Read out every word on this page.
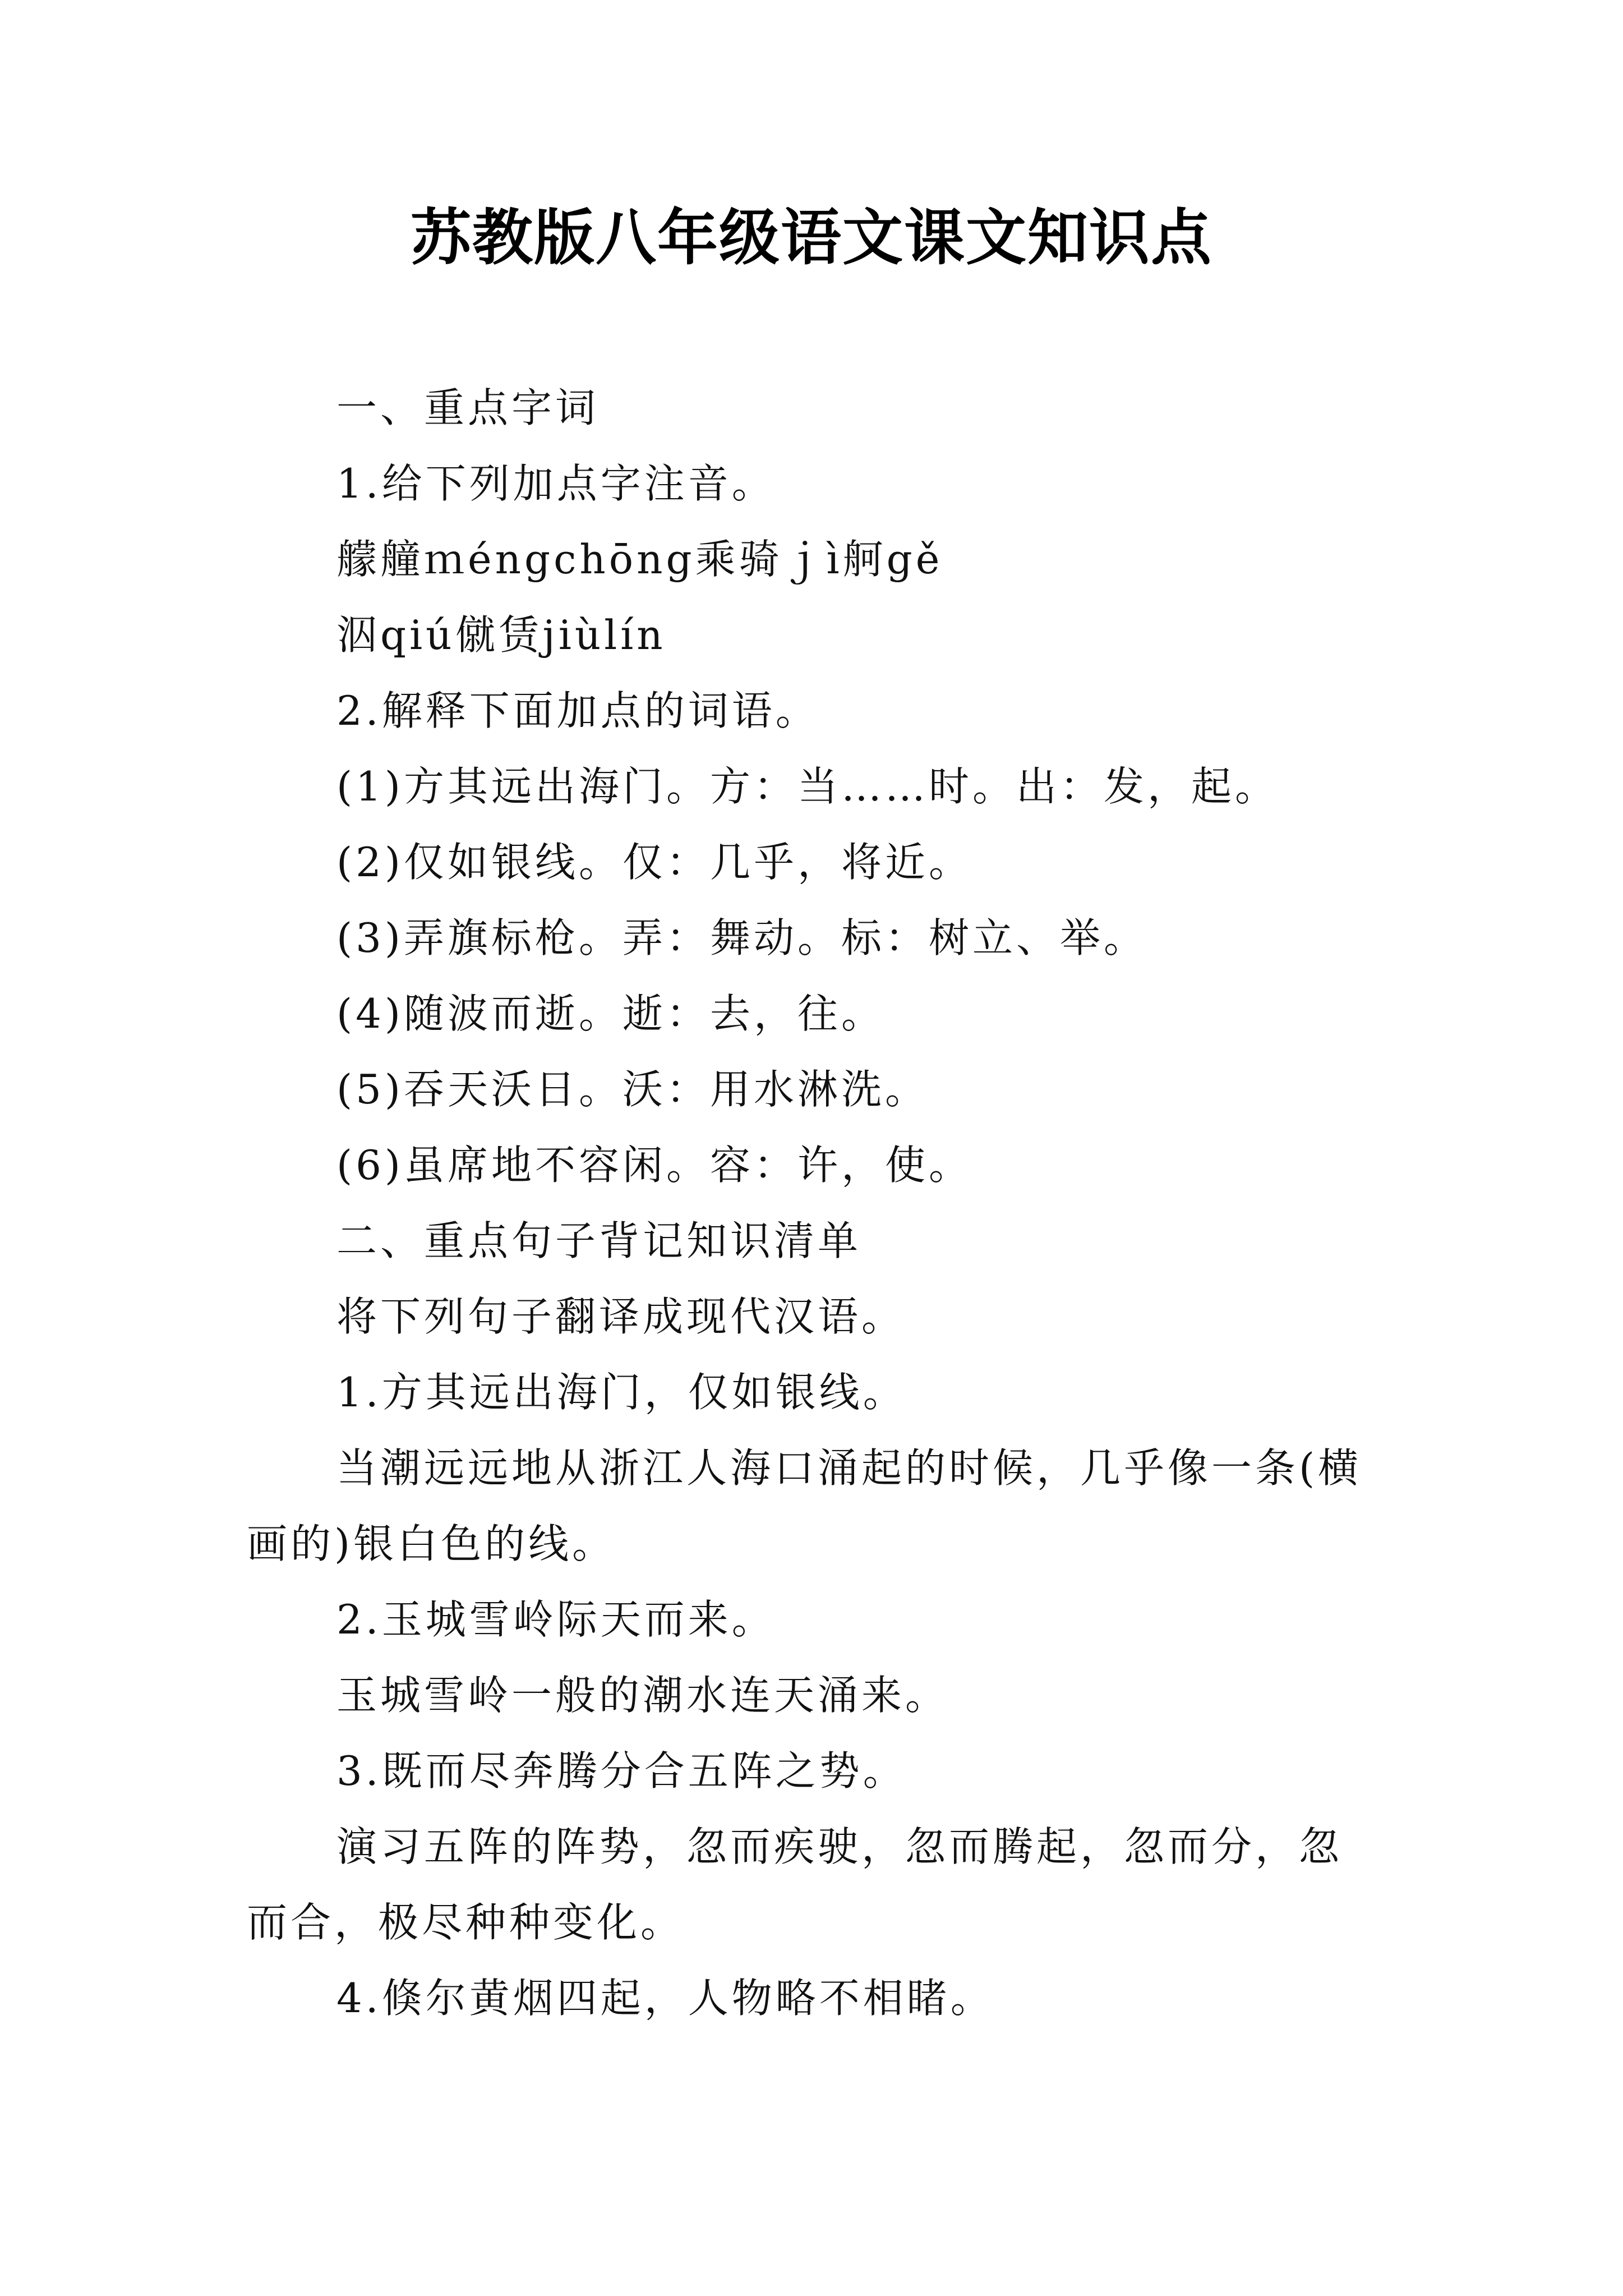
苏教版八年级语文课文知识点

一、重点字词

1.给下列加点字注音。

艨艟ｍéngchōng乘骑ｊì舸gě

泅qiú僦赁jiùlín

2.解释下面加点的词语。

(1)方其远出海门。方：当……时。出：发，起。

(2)仅如银线。仅：几乎，将近。

(3)弄旗标枪。弄：舞动。标：树立、举。

(4)随波而逝。逝：去，往。

(5)吞天沃日。沃：用水淋洗。

(6)虽席地不容闲。容：许，使。

二、重点句子背记知识清单

将下列句子翻译成现代汉语。

1.方其远出海门，仅如银线。

当潮远远地从浙江人海口涌起的时候，几乎像一条(横画的)银白色的线。

2.玉城雪岭际天而来。

玉城雪岭一般的潮水连天涌来。

3.既而尽奔腾分合五阵之势。

演习五阵的阵势，忽而疾驶，忽而腾起，忽而分，忽而合，极尽种种变化。

4.倏尔黄烟四起，人物略不相睹。
